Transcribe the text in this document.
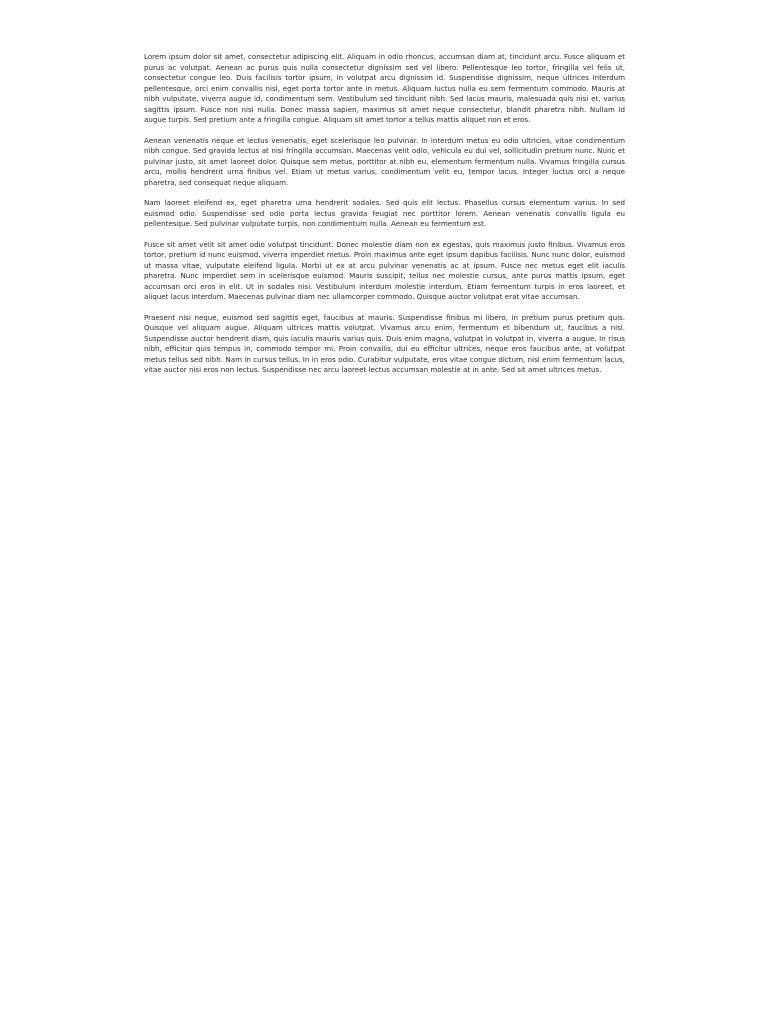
Lorem ipsum dolor sit amet, consectetur adipiscing elit. Aliquam in odio rhoncus, accumsan diam at, tincidunt arcu. Fusce aliquam et purus ac volutpat. Aenean ac purus quis nulla consectetur dignissim sed vel libero. Pellentesque leo tortor, fringilla vel felis ut, consectetur congue leo. Duis facilisis tortor ipsum, in volutpat arcu dignissim id. Suspendisse dignissim, neque ultrices interdum pellentesque, orci enim convallis nisl, eget porta tortor ante in metus. Aliquam luctus nulla eu sem fermentum commodo. Mauris at nibh vulputate, viverra augue id, condimentum sem. Vestibulum sed tincidunt nibh. Sed lacus mauris, malesuada quis nisi et, varius sagittis ipsum. Fusce non nisi nulla. Donec massa sapien, maximus sit amet neque consectetur, blandit pharetra nibh. Nullam id augue turpis. Sed pretium ante a fringilla congue. Aliquam sit amet tortor a tellus mattis aliquet non et eros.

Aenean venenatis neque et lectus venenatis, eget scelerisque leo pulvinar. In interdum metus eu odio ultricies, vitae condimentum nibh congue. Sed gravida lectus at nisi fringilla accumsan. Maecenas velit odio, vehicula eu dui vel, sollicitudin pretium nunc. Nunc et pulvinar justo, sit amet laoreet dolor. Quisque sem metus, porttitor at nibh eu, elementum fermentum nulla. Vivamus fringilla cursus arcu, mollis hendrerit urna finibus vel. Etiam ut metus varius, condimentum velit eu, tempor lacus. Integer luctus orci a neque pharetra, sed consequat neque aliquam.

Nam laoreet eleifend ex, eget pharetra urna hendrerit sodales. Sed quis elit lectus. Phasellus cursus elementum varius. In sed euismod odio. Suspendisse sed odio porta lectus gravida feugiat nec porttitor lorem. Aenean venenatis convallis ligula eu pellentesque. Sed pulvinar vulputate turpis, non condimentum nulla. Aenean eu fermentum est.

Fusce sit amet velit sit amet odio volutpat tincidunt. Donec molestie diam non ex egestas, quis maximus justo finibus. Vivamus eros tortor, pretium id nunc euismod, viverra imperdiet metus. Proin maximus ante eget ipsum dapibus facilisis. Nunc nunc dolor, euismod ut massa vitae, vulputate eleifend ligula. Morbi ut ex at arcu pulvinar venenatis ac at ipsum. Fusce nec metus eget elit iaculis pharetra. Nunc imperdiet sem in scelerisque euismod. Mauris suscipit, tellus nec molestie cursus, ante purus mattis ipsum, eget accumsan orci eros in elit. Ut in sodales nisi. Vestibulum interdum molestie interdum. Etiam fermentum turpis in eros laoreet, et aliquet lacus interdum. Maecenas pulvinar diam nec ullamcorper commodo. Quisque auctor volutpat erat vitae accumsan.

Praesent nisi neque, euismod sed sagittis eget, faucibus at mauris. Suspendisse finibus mi libero, in pretium purus pretium quis. Quisque vel aliquam augue. Aliquam ultrices mattis volutpat. Vivamus arcu enim, fermentum et bibendum ut, faucibus a nisl. Suspendisse auctor hendrerit diam, quis iaculis mauris varius quis. Duis enim magna, volutpat in volutpat in, viverra a augue. In risus nibh, efficitur quis tempus in, commodo tempor mi. Proin convallis, dui eu efficitur ultrices, neque eros faucibus ante, at volutpat metus tellus sed nibh. Nam in cursus tellus. In in eros odio. Curabitur vulputate, eros vitae congue dictum, nisl enim fermentum lacus, vitae auctor nisi eros non lectus. Suspendisse nec arcu laoreet lectus accumsan molestie at in ante. Sed sit amet ultrices metus.
